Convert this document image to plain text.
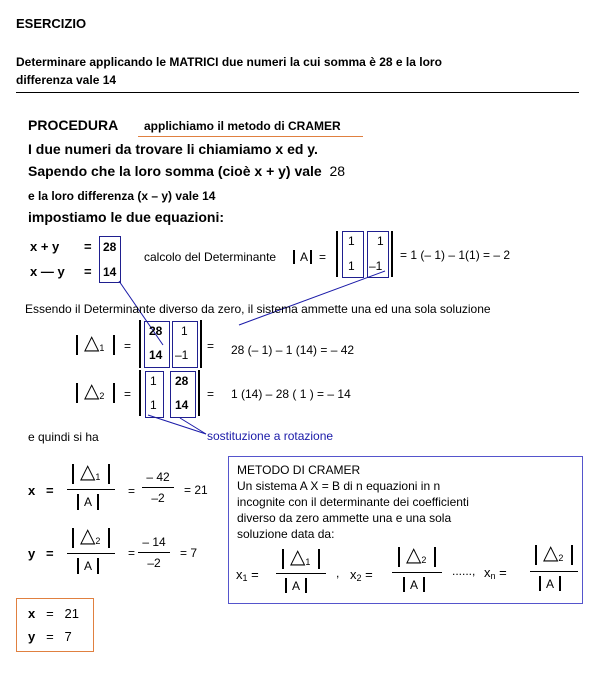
ESERCIZIO
Determinare applicando le MATRICI due numeri la cui somma è 28 e la loro
differenza vale 14
PROCEDURA applichiamo il metodo di CRAMER
I due numeri da trovare li chiamiamo x ed y.
Sapendo che la loro somma (cioè x + y) vale 28
e la loro differenza (x – y) vale 14
impostiamo le due equazioni:
x + y
x — y
=
=
28
14
calcolo del Determinante A =
1
1
1
–1
= 1 (– 1) – 1(1) = – 2
Essendo il Determinante diverso da zero, il sistema ammette una ed una sola soluzione
$\triangle_1$ =
28
14
1
–1
= 28 (– 1) – 1 (14) = – 42
$\triangle_2$ =
1
1
28
14
= 1 (14) – 28 ( 1 ) = – 14
e quindi si ha	sostituzione a rotazione
x =
$\triangle_1$
A
=
– 42
–2
= 21
y =
$\triangle_2$
A
=
– 14
–2
= 7
METODO DI CRAMER
Un sistema A X = B di n equazioni in n
incognite con il determinante dei coefficienti
diverso da zero ammette una e una sola
soluzione data da:
$x_1$ =
$\triangle_1$
A
, $x_2$ =
$\triangle_2$
A
......, $x_n$ =
$\triangle_2$
A
x   =   21
y   =   7
